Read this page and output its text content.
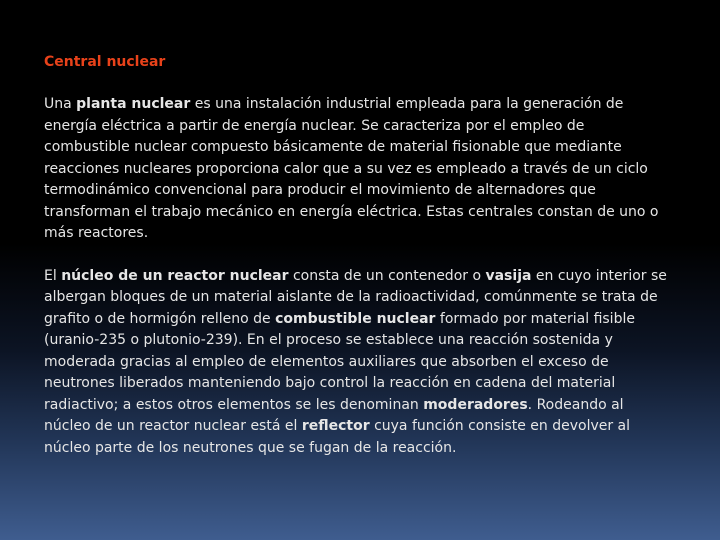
Central nuclear

Una planta nuclear es una instalación industrial empleada para la generación de energía eléctrica a partir de energía nuclear. Se caracteriza por el empleo de combustible nuclear compuesto básicamente de material fisionable que mediante reacciones nucleares proporciona calor que a su vez es empleado a través de un ciclo termodinámico convencional para producir el movimiento de alternadores que transforman el trabajo mecánico en energía eléctrica. Estas centrales constan de uno o más reactores.

El núcleo de un reactor nuclear consta de un contenedor o vasija en cuyo interior se albergan bloques de un material aislante de la radioactividad, comúnmente se trata de grafito o de hormigón relleno de combustible nuclear formado por material fisible (uranio-235 o plutonio-239). En el proceso se establece una reacción sostenida y moderada gracias al empleo de elementos auxiliares que absorben el exceso de neutrones liberados manteniendo bajo control la reacción en cadena del material radiactivo; a estos otros elementos se les denominan moderadores. Rodeando al núcleo de un reactor nuclear está el reflector cuya función consiste en devolver al núcleo parte de los neutrones que se fugan de la reacción.
